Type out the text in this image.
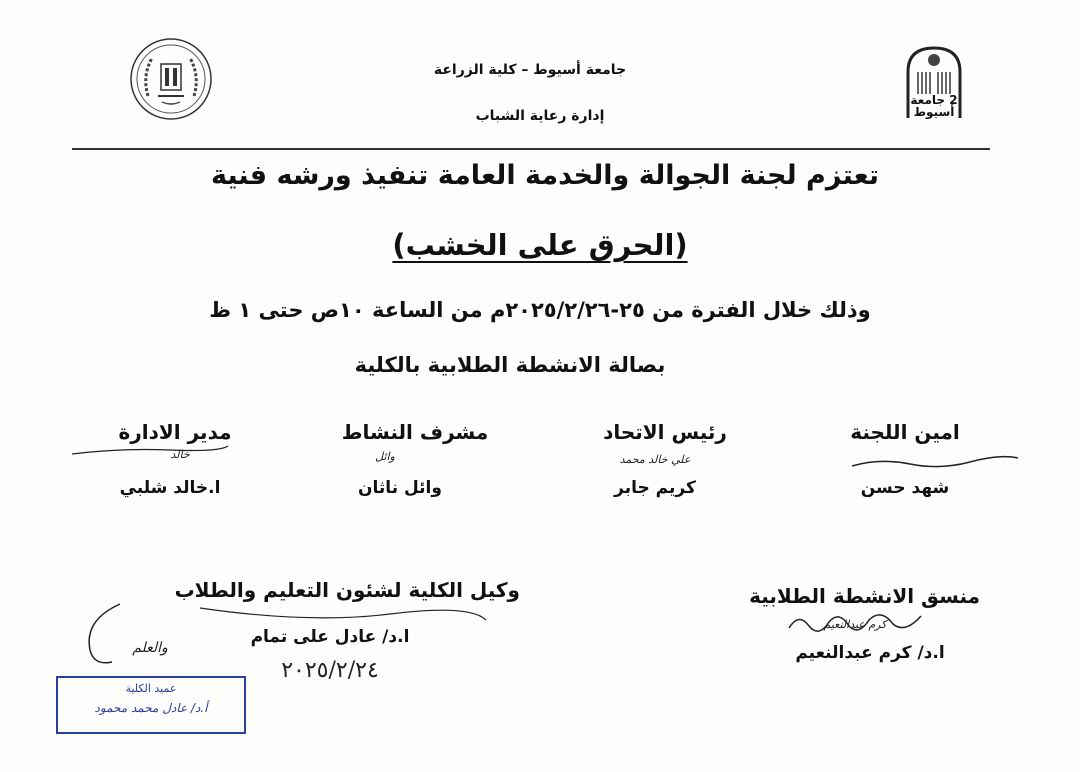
2 جامعة أسيوط
جامعة أسيوط – كلية الزراعة
إدارة رعاية الشباب
تعتزم لجنة الجوالة والخدمة العامة تنفيذ ورشه فنية
(الحرق على الخشب)
وذلك خلال الفترة من ٢٥-٢٠٢٥/٢/٢٦م من الساعة ١٠ص حتى ١ ظ
بصالة الانشطة الطلابية بالكلية
امين اللجنة
شهد حسن
رئيس الاتحاد
علي خالد محمد
كريم جابر
مشرف النشاط
وائل
وائل ناثان
مدير الادارة
خالد
ا.خالد شلبي
منسق الانشطة الطلابية
كرم عبدالنعيم
ا.د/ كرم عبدالنعيم
وكيل الكلية لشئون التعليم والطلاب
ا.د/ عادل على تمام
٢٠٢٥/٢/٢٤
والعلم
عميد الكلية
أ.د/ عادل محمد محمود
